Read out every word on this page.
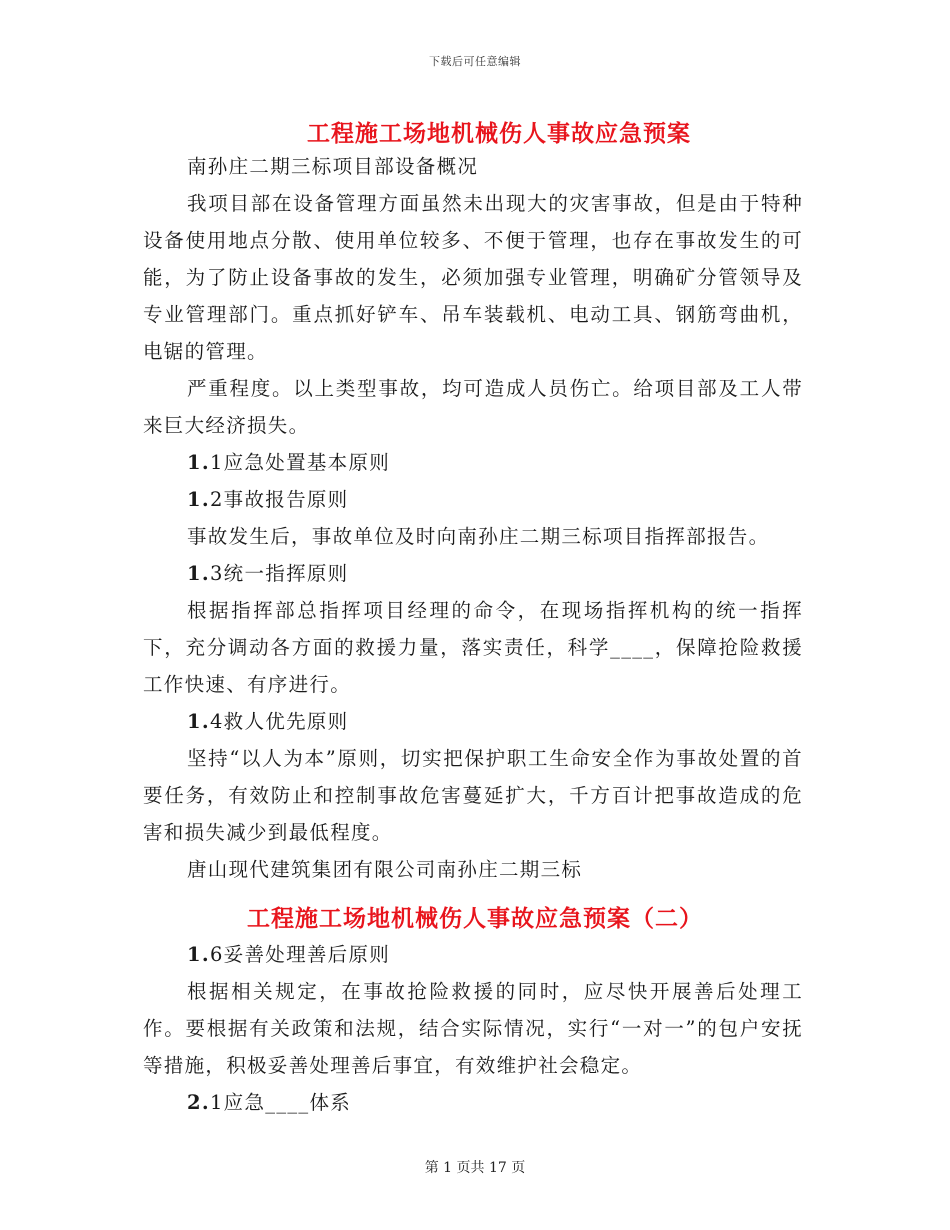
下载后可任意编辑
工程施工场地机械伤人事故应急预案

南孙庄二期三标项目部设备概况

我项目部在设备管理方面虽然未出现大的灾害事故，但是由于特种设备使用地点分散、使用单位较多、不便于管理，也存在事故发生的可能，为了防止设备事故的发生，必须加强专业管理，明确矿分管领导及专业管理部门。重点抓好铲车、吊车装载机、电动工具、钢筋弯曲机，电锯的管理。

严重程度。以上类型事故，均可造成人员伤亡。给项目部及工人带来巨大经济损失。

1.1应急处置基本原则

1.2事故报告原则

事故发生后，事故单位及时向南孙庄二期三标项目指挥部报告。

1.3统一指挥原则

根据指挥部总指挥项目经理的命令，在现场指挥机构的统一指挥下，充分调动各方面的救援力量，落实责任，科学____，保障抢险救援工作快速、有序进行。

1.4救人优先原则

坚持“以人为本”原则，切实把保护职工生命安全作为事故处置的首要任务，有效防止和控制事故危害蔓延扩大，千方百计把事故造成的危害和损失减少到最低程度。

唐山现代建筑集团有限公司南孙庄二期三标

工程施工场地机械伤人事故应急预案（二）

1.6妥善处理善后原则

根据相关规定，在事故抢险救援的同时，应尽快开展善后处理工作。要根据有关政策和法规，结合实际情况，实行“一对一”的包户安抚等措施，积极妥善处理善后事宜，有效维护社会稳定。

2.1应急____体系

第 1 页共 17 页
